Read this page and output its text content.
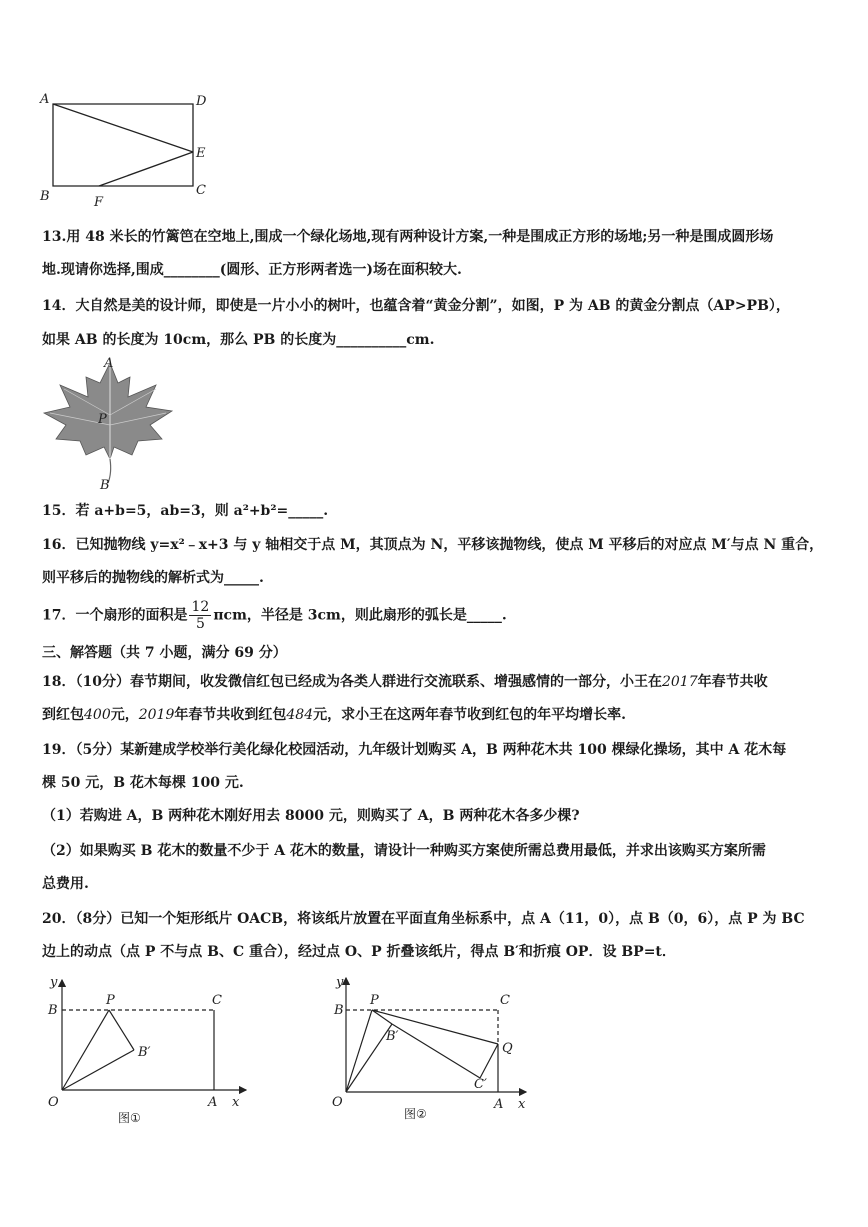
A	D
E
B	F
C
13.用 48 米长的竹篱笆在空地上,围成一个绿化场地,现有两种设计方案,一种是围成正方形的场地;另一种是围成圆形场
地.现请你选择,围成________(圆形、正方形两者选一)场在面积较大.
14．大自然是美的设计师，即使是一片小小的树叶，也蕴含着“黄金分割”，如图，P 为 AB 的黄金分割点（AP>PB），
如果 AB 的长度为 10cm，那么 PB 的长度为__________cm.
A
P
B
15．若 a+b=5，ab=3，则 a²+b²=_____.
16．已知抛物线 y=x²﹣x+3 与 y 轴相交于点 M，其顶点为 N，平移该抛物线，使点 M 平移后的对应点 M′与点 N 重合，
则平移后的抛物线的解析式为_____.
17．一个扇形的面积是 $\frac{12}{5}$ πcm，半径是 3cm，则此扇形的弧长是_____.
三、解答题（共 7 小题，满分 69 分）
18．（10分）春节期间，收发微信红包已经成为各类人群进行交流联系、增强感情的一部分，小王在2017年春节共收
到红包400元，2019年春节共收到红包484元，求小王在这两年春节收到红包的年平均增长率.
19．（5分）某新建成学校举行美化绿化校园活动，九年级计划购买 A，B 两种花木共 100 棵绿化操场，其中 A 花木每
棵 50 元，B 花木每棵 100 元.
（1）若购进 A，B 两种花木刚好用去 8000 元，则购买了 A，B 两种花木各多少棵?
（2）如果购买 B 花木的数量不少于 A 花木的数量，请设计一种购买方案使所需总费用最低，并求出该购买方案所需
总费用.
20．（8分）已知一个矩形纸片 OACB，将该纸片放置在平面直角坐标系中，点 A（11，0），点 B（0，6），点 P 为 BC
边上的动点（点 P 不与点 B、C 重合），经过点 O、P 折叠该纸片，得点 B′和折痕 OP．设 BP=t．
y
B
P	C
B′
O	A x
图①
y
B
P	C
B′
Q
C′
O	A x
图②
